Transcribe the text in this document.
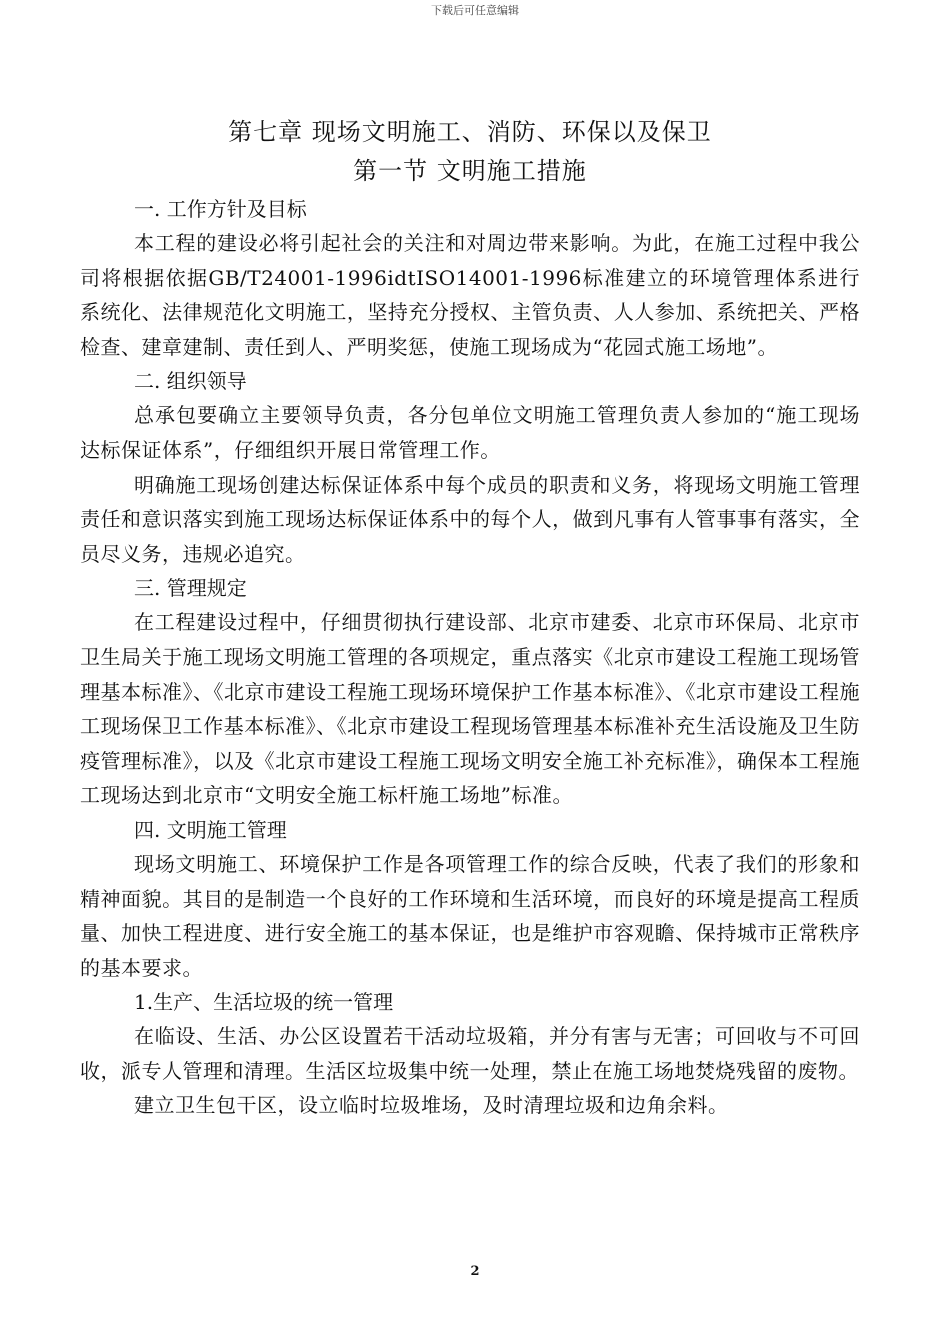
下载后可任意编辑
第七章 现场文明施工、消防、环保以及保卫
第一节 文明施工措施
一. 工作方针及目标

本工程的建设必将引起社会的关注和对周边带来影响。为此，在施工过程中我公司将根据依据GB/T24001-1996idtISO14001-1996标准建立的环境管理体系进行系统化、法律规范化文明施工，坚持充分授权、主管负责、人人参加、系统把关、严格检查、建章建制、责任到人、严明奖惩，使施工现场成为“花园式施工场地”。

二. 组织领导

总承包要确立主要领导负责，各分包单位文明施工管理负责人参加的“施工现场达标保证体系”，仔细组织开展日常管理工作。

明确施工现场创建达标保证体系中每个成员的职责和义务，将现场文明施工管理责任和意识落实到施工现场达标保证体系中的每个人，做到凡事有人管事事有落实，全员尽义务，违规必追究。

三. 管理规定

在工程建设过程中，仔细贯彻执行建设部、北京市建委、北京市环保局、北京市卫生局关于施工现场文明施工管理的各项规定，重点落实《北京市建设工程施工现场管理基本标准》、《北京市建设工程施工现场环境保护工作基本标准》、《北京市建设工程施工现场保卫工作基本标准》、《北京市建设工程现场管理基本标准补充生活设施及卫生防疫管理标准》，以及《北京市建设工程施工现场文明安全施工补充标准》，确保本工程施工现场达到北京市“文明安全施工标杆施工场地”标准。

四. 文明施工管理

现场文明施工、环境保护工作是各项管理工作的综合反映，代表了我们的形象和精神面貌。其目的是制造一个良好的工作环境和生活环境，而良好的环境是提高工程质量、加快工程进度、进行安全施工的基本保证，也是维护市容观瞻、保持城市正常秩序的基本要求。

1.生产、生活垃圾的统一管理

在临设、生活、办公区设置若干活动垃圾箱，并分有害与无害；可回收与不可回收，派专人管理和清理。生活区垃圾集中统一处理，禁止在施工场地焚烧残留的废物。

建立卫生包干区，设立临时垃圾堆场，及时清理垃圾和边角余料。

2
